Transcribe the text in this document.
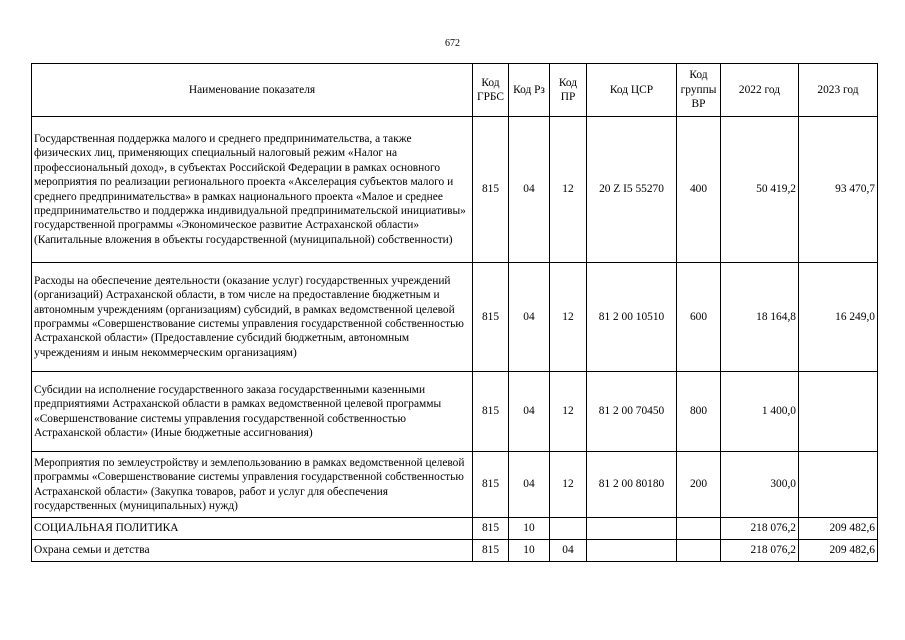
672
Наименование показателя	Код ГРБС	Код Рз	Код ПР	Код ЦСР	Код группы ВР	2022 год	2023 год
Государственная поддержка малого и среднего предпринимательства, а также физических лиц, применяющих специальный налоговый режим «Налог на профессиональный доход», в субъектах Российской Федерации в рамках основного мероприятия по реализации регионального проекта «Акселерация субъектов малого и среднего предпринимательства» в рамках национального проекта «Малое и среднее предпринимательство и поддержка индивидуальной предпринимательской инициативы» государственной программы «Экономическое развитие Астраханской области» (Капитальные вложения в объекты государственной (муниципальной) собственности)	815	04	12	20 Z I5 55270	400	50 419,2	93 470,7
Расходы на обеспечение деятельности (оказание услуг) государственных учреждений (организаций) Астраханской области, в том числе на предоставление бюджетным и автономным учреждениям (организациям) субсидий, в рамках ведомственной целевой программы «Совершенствование системы управления государственной собственностью Астраханской области» (Предоставление субсидий бюджетным, автономным учреждениям и иным некоммерческим организациям)	815	04	12	81 2 00 10510	600	18 164,8	16 249,0
Субсидии на исполнение государственного заказа государственными казенными предприятиями Астраханской области в рамках ведомственной целевой программы «Совершенствование системы управления государственной собственностью Астраханской области» (Иные бюджетные ассигнования)	815	04	12	81 2 00 70450	800	1 400,0	
Мероприятия по землеустройству и землепользованию в рамках ведомственной целевой программы «Совершенствование системы управления государственной собственностью Астраханской области» (Закупка товаров, работ и услуг для обеспечения государственных (муниципальных) нужд)	815	04	12	81 2 00 80180	200	300,0	
СОЦИАЛЬНАЯ ПОЛИТИКА	815	10				218 076,2	209 482,6
Охрана семьи и детства	815	10	04			218 076,2	209 482,6
